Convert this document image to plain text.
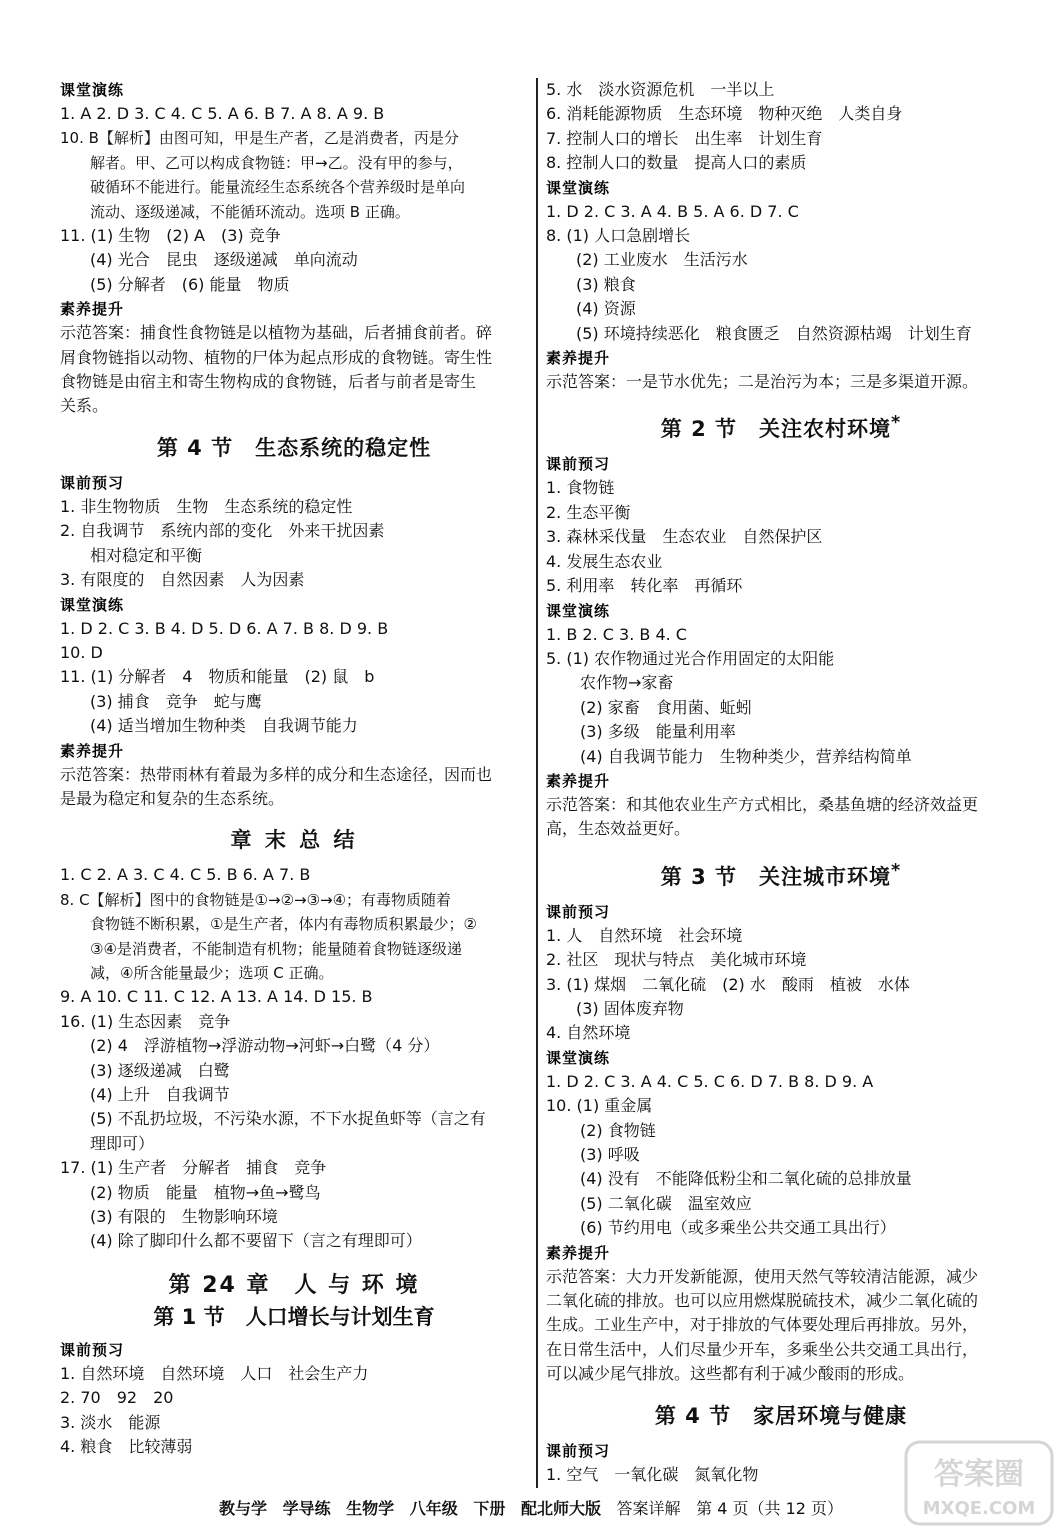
课堂演练
1. A 2. D 3. C 4. C 5. A 6. B 7. A 8. A 9. B
10. B【解析】由图可知，甲是生产者，乙是消费者，丙是分
解者。甲、乙可以构成食物链：甲→乙。没有甲的参与，
破循环不能进行。能量流经生态系统各个营养级时是单向
流动、逐级递减，不能循环流动。选项 B 正确。
11. (1) 生物　(2) A　(3) 竞争
(4) 光合　昆虫　逐级递减　单向流动
(5) 分解者　(6) 能量　物质
素养提升
示范答案：捕食性食物链是以植物为基础，后者捕食前者。碎
屑食物链指以动物、植物的尸体为起点形成的食物链。寄生性
食物链是由宿主和寄生物构成的食物链，后者与前者是寄生
关系。
第 4 节　生态系统的稳定性
课前预习
1. 非生物物质　生物　生态系统的稳定性
2. 自我调节　系统内部的变化　外来干扰因素
相对稳定和平衡
3. 有限度的　自然因素　人为因素
课堂演练
1. D 2. C 3. B 4. D 5. D 6. A 7. B 8. D 9. B
10. D
11. (1) 分解者　4　物质和能量　(2) 鼠　b
(3) 捕食　竞争　蛇与鹰
(4) 适当增加生物种类　自我调节能力
素养提升
示范答案：热带雨林有着最为多样的成分和生态途径，因而也
是最为稳定和复杂的生态系统。
章 末 总 结
1. C 2. A 3. C 4. C 5. B 6. A 7. B
8. C【解析】图中的食物链是①→②→③→④；有毒物质随着
食物链不断积累，①是生产者，体内有毒物质积累最少；②
③④是消费者，不能制造有机物；能量随着食物链逐级递
减，④所含能量最少；选项 C 正确。
9. A 10. C 11. C 12. A 13. A 14. D 15. B
16. (1) 生态因素　竞争
(2) 4　浮游植物→浮游动物→河虾→白鹭（4 分）
(3) 逐级递减　白鹭
(4) 上升　自我调节
(5) 不乱扔垃圾，不污染水源，不下水捉鱼虾等（言之有
理即可）
17. (1) 生产者　分解者　捕食　竞争
(2) 物质　能量　植物→鱼→鹭鸟
(3) 有限的　生物影响环境
(4) 除了脚印什么都不要留下（言之有理即可）
第 24 章　人 与 环 境
第 1 节　人口增长与计划生育
课前预习
1. 自然环境　自然环境　人口　社会生产力
2. 70　92　20
3. 淡水　能源
4. 粮食　比较薄弱
5. 水　淡水资源危机　一半以上
6. 消耗能源物质　生态环境　物种灭绝　人类自身
7. 控制人口的增长　出生率　计划生育
8. 控制人口的数量　提高人口的素质
课堂演练
1. D 2. C 3. A 4. B 5. A 6. D 7. C
8. (1) 人口急剧增长
(2) 工业废水　生活污水
(3) 粮食
(4) 资源
(5) 环境持续恶化　粮食匮乏　自然资源枯竭　计划生育
素养提升
示范答案：一是节水优先；二是治污为本；三是多渠道开源。
第 2 节　关注农村环境*
课前预习
1. 食物链
2. 生态平衡
3. 森林采伐量　生态农业　自然保护区
4. 发展生态农业
5. 利用率　转化率　再循环
课堂演练
1. B 2. C 3. B 4. C
5. (1) 农作物通过光合作用固定的太阳能
农作物→家畜
(2) 家畜　食用菌、蚯蚓
(3) 多级　能量利用率
(4) 自我调节能力　生物种类少，营养结构简单
素养提升
示范答案：和其他农业生产方式相比，桑基鱼塘的经济效益更
高，生态效益更好。
第 3 节　关注城市环境*
课前预习
1. 人　自然环境　社会环境
2. 社区　现状与特点　美化城市环境
3. (1) 煤烟　二氧化硫　(2) 水　酸雨　植被　水体
(3) 固体废弃物
4. 自然环境
课堂演练
1. D 2. C 3. A 4. C 5. C 6. D 7. B 8. D 9. A
10. (1) 重金属
(2) 食物链
(3) 呼吸
(4) 没有　不能降低粉尘和二氧化硫的总排放量
(5) 二氧化碳　温室效应
(6) 节约用电（或多乘坐公共交通工具出行）
素养提升
示范答案：大力开发新能源，使用天然气等较清洁能源，减少
二氧化硫的排放。也可以应用燃煤脱硫技术，减少二氧化硫的
生成。工业生产中，对于排放的气体要处理后再排放。另外，
在日常生活中，人们尽量少开车，多乘坐公共交通工具出行，
可以减少尾气排放。这些都有利于减少酸雨的形成。
第 4 节　家居环境与健康
课前预习
1. 空气　一氧化碳　氮氧化物
教与学 学导练 生物学 八年级 下册 配北师大版 答案详解 第 4 页（共 12 页）
答案圈
MXQE.COM
